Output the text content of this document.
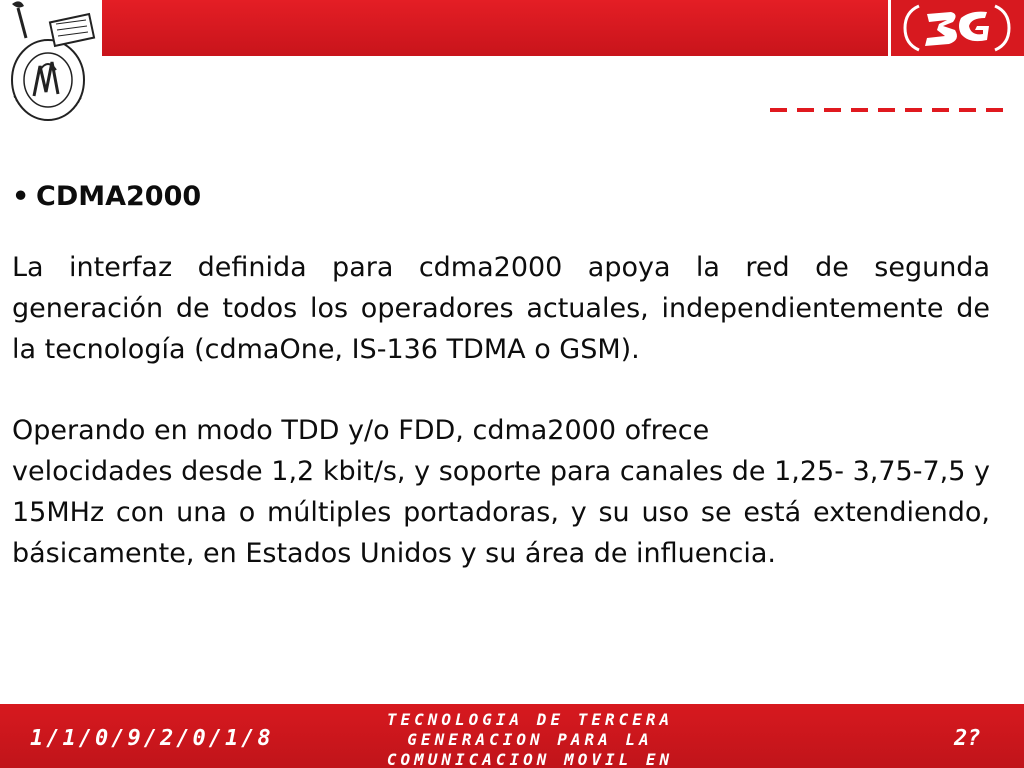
• CDMA2000

La interfaz definida para cdma2000 apoya la red de segunda generación de todos los operadores actuales, independientemente de la tecnología (cdmaOne, IS-136 TDMA o GSM).

Operando en modo TDD y/o FDD, cdma2000 ofrece
velocidades desde 1,2 kbit/s, y soporte para canales de 1,25- 3,75-7,5 y 15MHz con una o múltiples portadoras, y su uso se está extendiendo, básicamente, en Estados Unidos y su área de influencia.

1/1/0/9/2/0/1/8
TECNOLOGIA DE TERCERA
GENERACION PARA LA
COMUNICACION MOVIL EN
2?
